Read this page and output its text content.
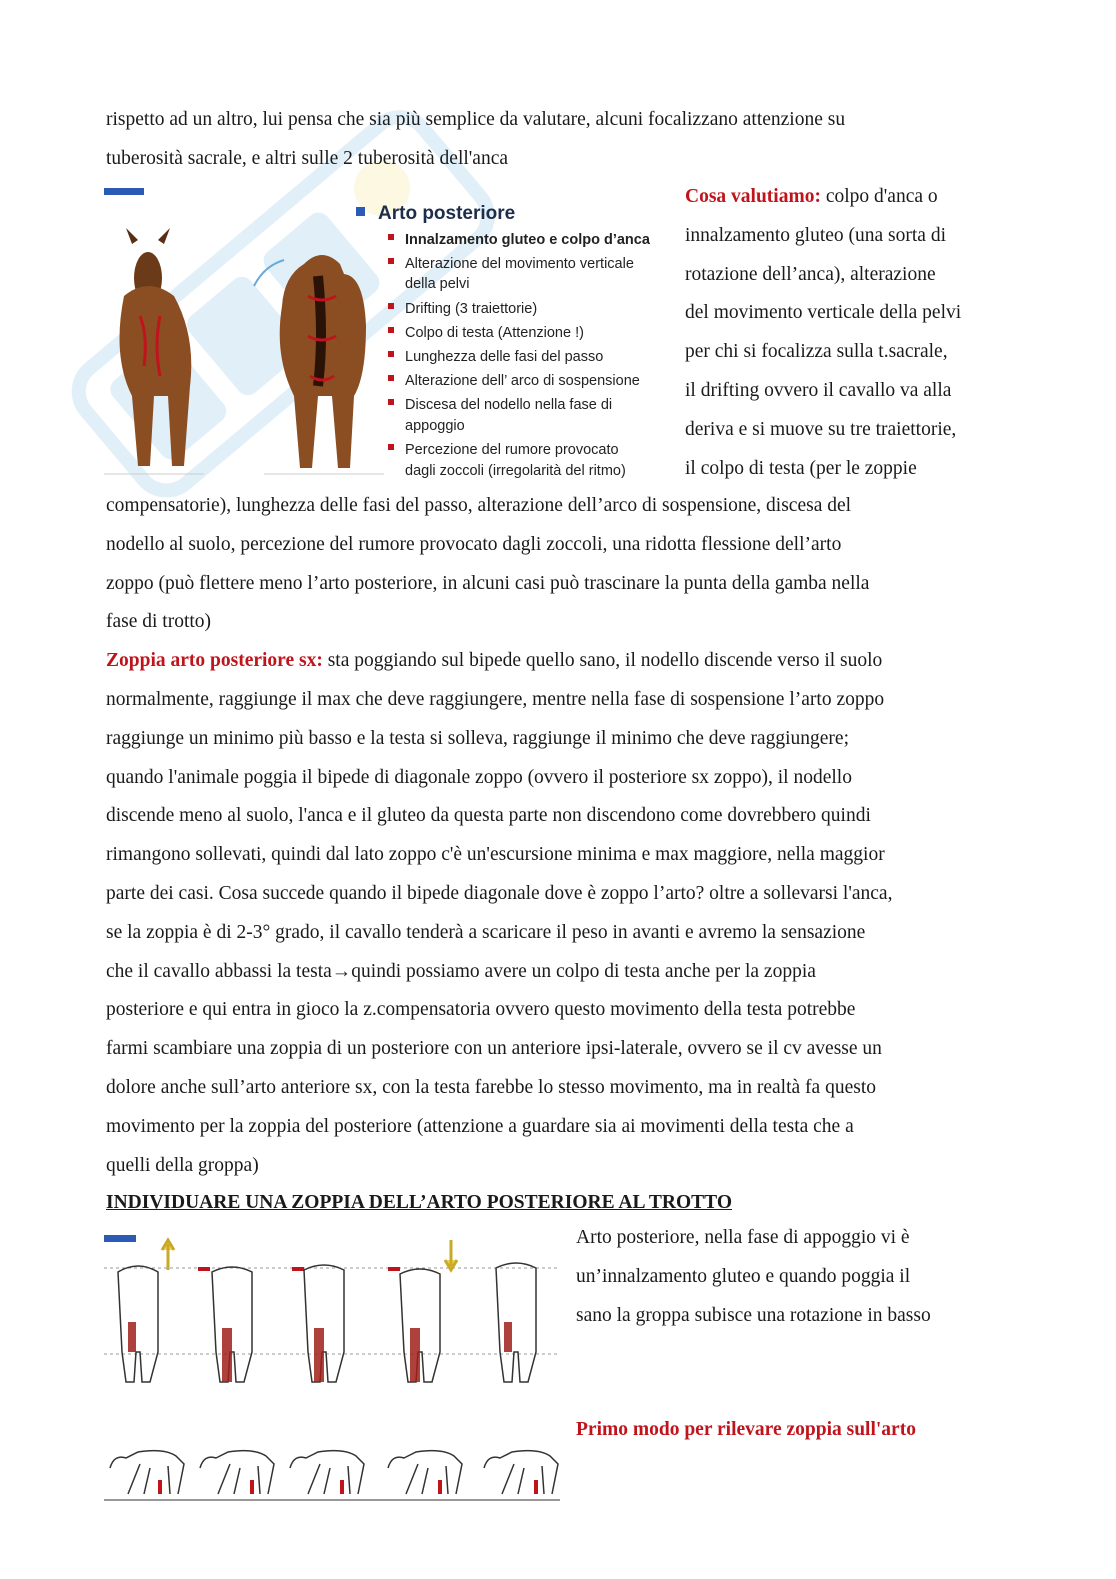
rispetto ad un altro, lui pensa che sia più semplice da valutare, alcuni focalizzano attenzione su
tuberosità sacrale, e altri sulle 2 tuberosità dell'anca

Arto posteriore
Innalzamento gluteo e colpo d’anca
Alterazione del movimento verticale
della pelvi
Drifting (3 traiettorie)
Colpo di testa (Attenzione !)
Lunghezza delle fasi del passo
Alterazione dell’ arco di sospensione
Discesa del nodello nella fase di
appoggio
Percezione del rumore provocato
dagli zoccoli (irregolarità del ritmo)

Cosa valutiamo: colpo d'anca o
innalzamento gluteo (una sorta di
rotazione dell’anca), alterazione
del movimento verticale della pelvi
per chi si focalizza sulla t.sacrale,
il drifting ovvero il cavallo va alla
deriva e si muove su tre traiettorie,
il colpo di testa (per le zoppie

compensatorie), lunghezza delle fasi del passo, alterazione dell’arco di sospensione, discesa del
nodello al suolo, percezione del rumore provocato dagli zoccoli, una ridotta flessione dell’arto
zoppo (può flettere meno l’arto posteriore, in alcuni casi può trascinare la punta della gamba nella
fase di trotto)
Zoppia arto posteriore sx: sta poggiando sul bipede quello sano, il nodello discende verso il suolo
normalmente, raggiunge il max che deve raggiungere, mentre nella fase di sospensione l’arto zoppo
raggiunge un minimo più basso e la testa si solleva, raggiunge il minimo che deve raggiungere;
quando l'animale poggia il bipede di diagonale zoppo (ovvero il posteriore sx zoppo), il nodello
discende meno al suolo, l'anca e il gluteo da questa parte non discendono come dovrebbero quindi
rimangono sollevati, quindi dal lato zoppo c'è un'escursione minima e max maggiore, nella maggior
parte dei casi. Cosa succede quando il bipede diagonale dove è zoppo l’arto? oltre a sollevarsi l'anca,
se la zoppia è di 2-3° grado, il cavallo tenderà a scaricare il peso in avanti e avremo la sensazione
che il cavallo abbassi la testa→quindi possiamo avere un colpo di testa anche per la zoppia
posteriore e qui entra in gioco la z.compensatoria ovvero questo movimento della testa potrebbe
farmi scambiare una zoppia di un posteriore con un anteriore ipsi-laterale, ovvero se il cv avesse un
dolore anche sull’arto anteriore sx, con la testa farebbe lo stesso movimento, ma in realtà fa questo
movimento per la zoppia del posteriore (attenzione a guardare sia ai movimenti della testa che a
quelli della groppa)

INDIVIDUARE UNA ZOPPIA DELL’ARTO POSTERIORE AL TROTTO

Arto posteriore, nella fase di appoggio vi è
un’innalzamento gluteo e quando poggia il
sano la groppa subisce una rotazione in basso

Primo modo per rilevare zoppia sull'arto
